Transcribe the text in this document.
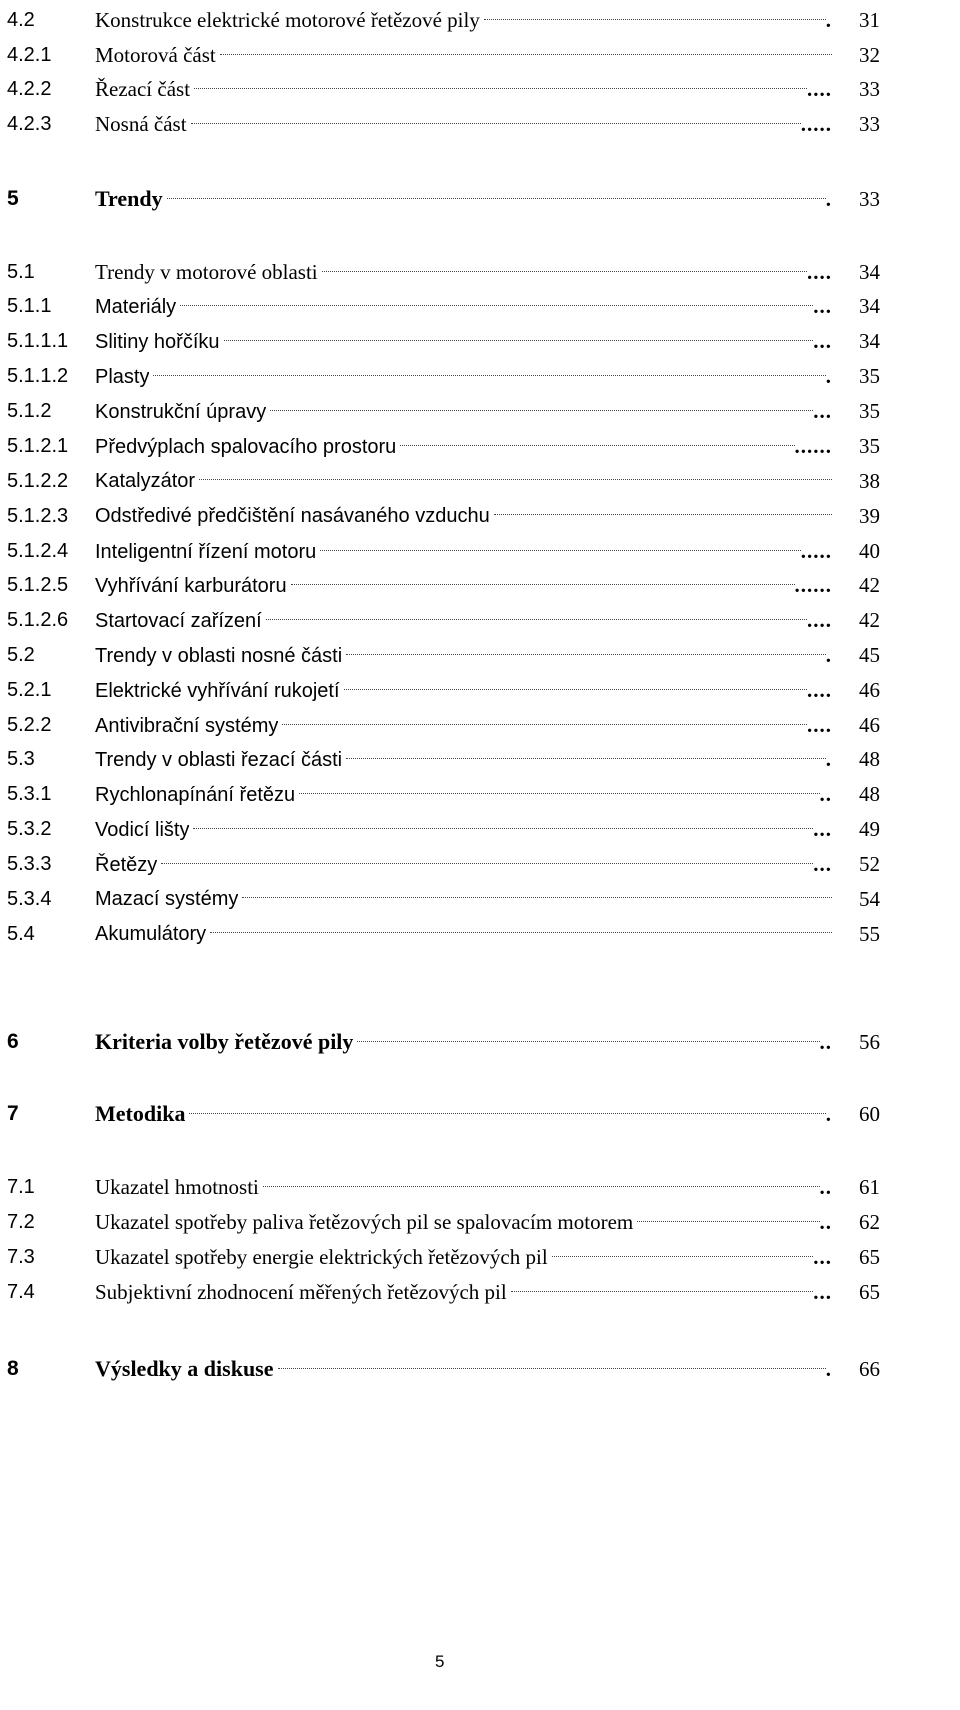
4.2	Konstrukce elektrické motorové řetězové pily	. 31
4.2.1 Motorová část	32
4.2.2 Řezací část	.... 33
4.2.3 Nosná část	..... 33
5	Trendy	. 33
5.1	Trendy v motorové oblasti	.... 34
5.1.1 Materiály	... 34
5.1.1.1 Slitiny hořčíku	... 34
5.1.1.2 Plasty	. 35
5.1.2 Konstrukční úpravy	... 35
5.1.2.1 Předvýplach spalovacího prostoru	...... 35
5.1.2.2 Katalyzátor	38
5.1.2.3 Odstředivé předčištění nasávaného vzduchu	39
5.1.2.4 Inteligentní řízení motoru	..... 40
5.1.2.5 Vyhřívání karburátoru	...... 42
5.1.2.6 Startovací zařízení	.... 42
5.2	Trendy v oblasti nosné části	. 45
5.2.1 Elektrické vyhřívání rukojetí	.... 46
5.2.2 Antivibrační systémy	.... 46
5.3	Trendy v oblasti řezací části	. 48
5.3.1 Rychlonapínání řetězu	.. 48
5.3.2 Vodicí lišty	... 49
5.3.3 Řetězy	... 52
5.3.4 Mazací systémy	54
5.4	Akumulátory	55
6	Kriteria volby řetězové pily	.. 56
7	Metodika	. 60
7.1	Ukazatel hmotnosti	.. 61
7.2	Ukazatel spotřeby paliva řetězových pil se spalovacím motorem	.. 62
7.3	Ukazatel spotřeby energie elektrických řetězových pil	... 65
7.4	Subjektivní zhodnocení měřených řetězových pil	... 65
8	Výsledky a diskuse	. 66
5
